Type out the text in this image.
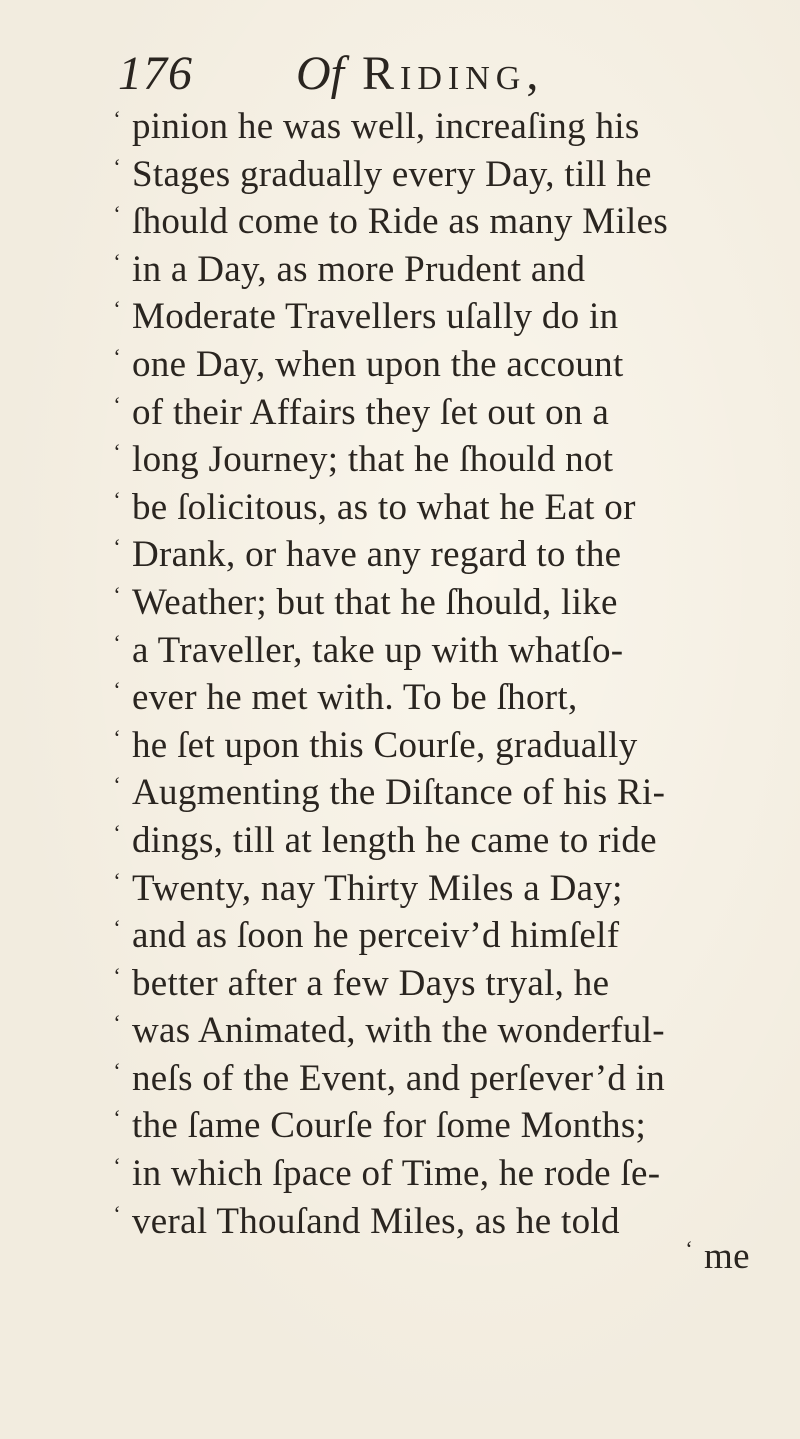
176 Of Riding,
‘ pinion he was well, increaſing his
‘ Stages gradually every Day, till he
‘ ſhould come to Ride as many Miles
‘ in a Day, as more Prudent and
‘ Moderate Travellers uſally do in
‘ one Day, when upon the account
‘ of their Affairs they ſet out on a
‘ long Journey; that he ſhould not
‘ be ſolicitous, as to what he Eat or
‘ Drank, or have any regard to the
‘ Weather; but that he ſhould, like
‘ a Traveller, take up with whatſo-
‘ ever he met with. To be ſhort,
‘ he ſet upon this Courſe, gradually
‘ Augmenting the Diſtance of his Ri-
‘ dings, till at length he came to ride
‘ Twenty, nay Thirty Miles a Day;
‘ and as ſoon he perceiv’d himſelf
‘ better after a few Days tryal, he
‘ was Animated, with the wonderful-
‘ neſs of the Event, and perſever’d in
‘ the ſame Courſe for ſome Months;
‘ in which ſpace of Time, he rode ſe-
‘ veral Thouſand Miles, as he told
‘ me
